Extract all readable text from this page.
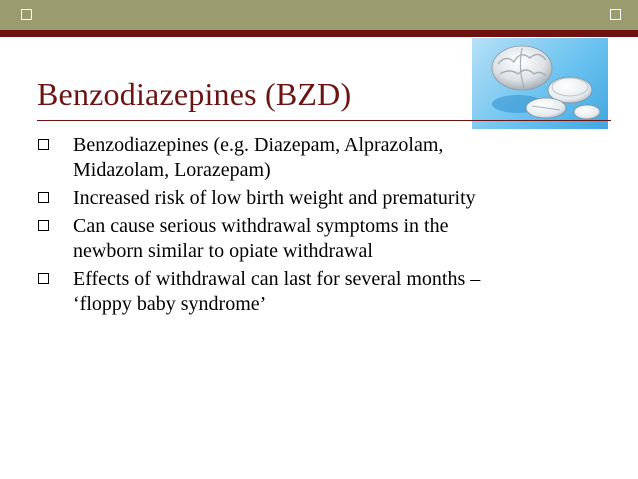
Benzodiazepines (BZD)
Benzodiazepines (e.g. Diazepam, Alprazolam,
Midazolam, Lorazepam)
Increased risk of low birth weight and prematurity
Can cause serious withdrawal symptoms in the
newborn similar to opiate withdrawal
Effects of withdrawal can last for several months –
‘floppy baby syndrome’
